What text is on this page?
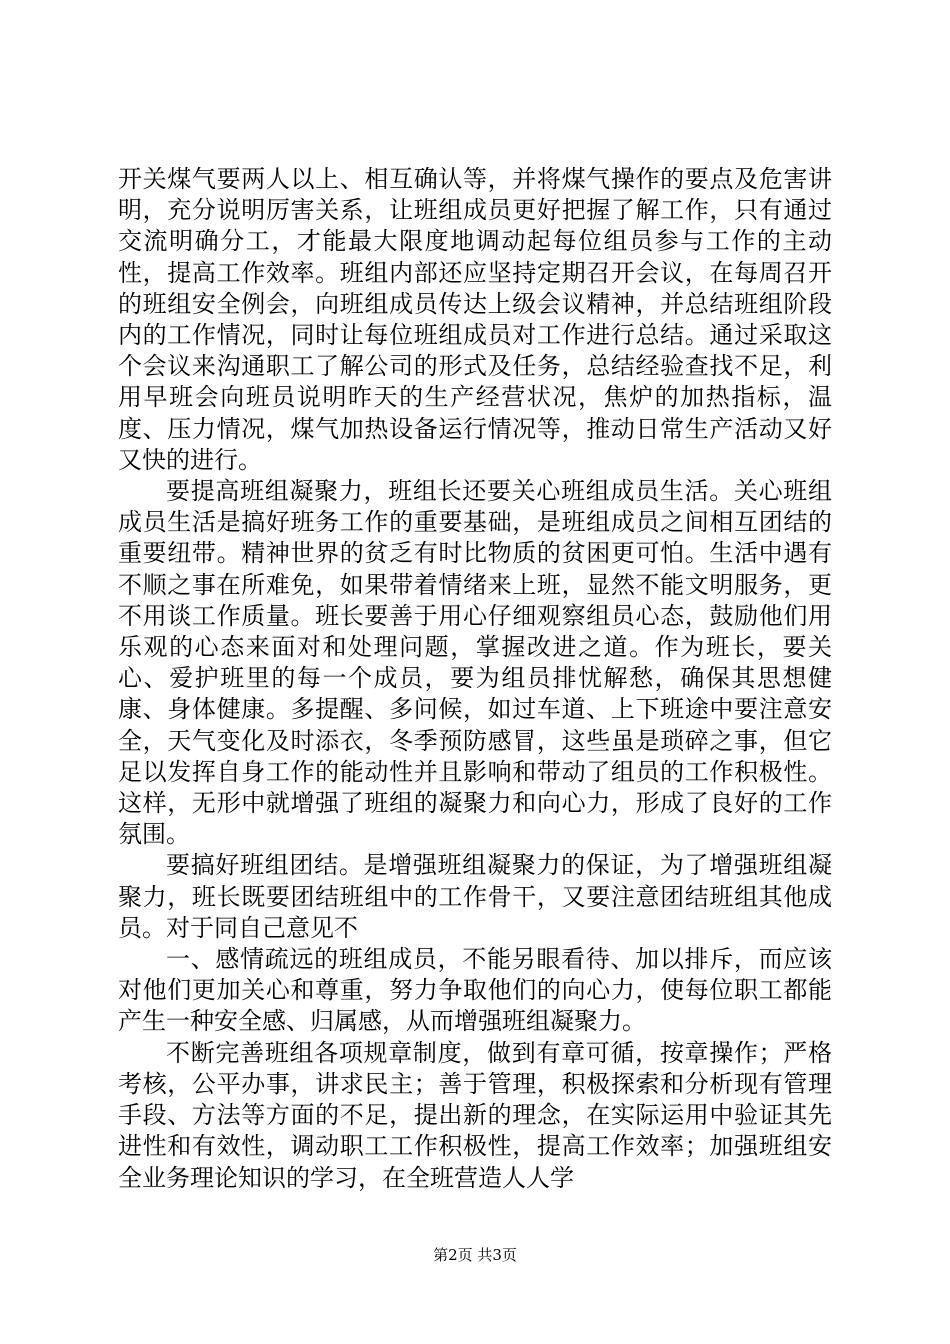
开关煤气要两人以上、相互确认等，并将煤气操作的要点及危害讲明，充分说明厉害关系，让班组成员更好把握了解工作，只有通过交流明确分工，才能最大限度地调动起每位组员参与工作的主动性，提高工作效率。班组内部还应坚持定期召开会议，在每周召开的班组安全例会，向班组成员传达上级会议精神，并总结班组阶段内的工作情况，同时让每位班组成员对工作进行总结。通过采取这个会议来沟通职工了解公司的形式及任务，总结经验查找不足，利用早班会向班员说明昨天的生产经营状况，焦炉的加热指标，温度、压力情况，煤气加热设备运行情况等，推动日常生产活动又好又快的进行。

要提高班组凝聚力，班组长还要关心班组成员生活。关心班组成员生活是搞好班务工作的重要基础，是班组成员之间相互团结的重要纽带。精神世界的贫乏有时比物质的贫困更可怕。生活中遇有不顺之事在所难免，如果带着情绪来上班，显然不能文明服务，更不用谈工作质量。班长要善于用心仔细观察组员心态，鼓励他们用乐观的心态来面对和处理问题，掌握改进之道。作为班长，要关心、爱护班里的每一个成员，要为组员排忧解愁，确保其思想健康、身体健康。多提醒、多问候，如过车道、上下班途中要注意安全，天气变化及时添衣，冬季预防感冒，这些虽是琐碎之事，但它足以发挥自身工作的能动性并且影响和带动了组员的工作积极性。这样，无形中就增强了班组的凝聚力和向心力，形成了良好的工作氛围。

要搞好班组团结。是增强班组凝聚力的保证，为了增强班组凝聚力，班长既要团结班组中的工作骨干，又要注意团结班组其他成员。对于同自己意见不

一、感情疏远的班组成员，不能另眼看待、加以排斥，而应该对他们更加关心和尊重，努力争取他们的向心力，使每位职工都能产生一种安全感、归属感，从而增强班组凝聚力。

不断完善班组各项规章制度，做到有章可循，按章操作；严格考核，公平办事，讲求民主；善于管理，积极探索和分析现有管理手段、方法等方面的不足，提出新的理念，在实际运用中验证其先进性和有效性，调动职工工作积极性，提高工作效率；加强班组安全业务理论知识的学习，在全班营造人人学

第2页 共3页
